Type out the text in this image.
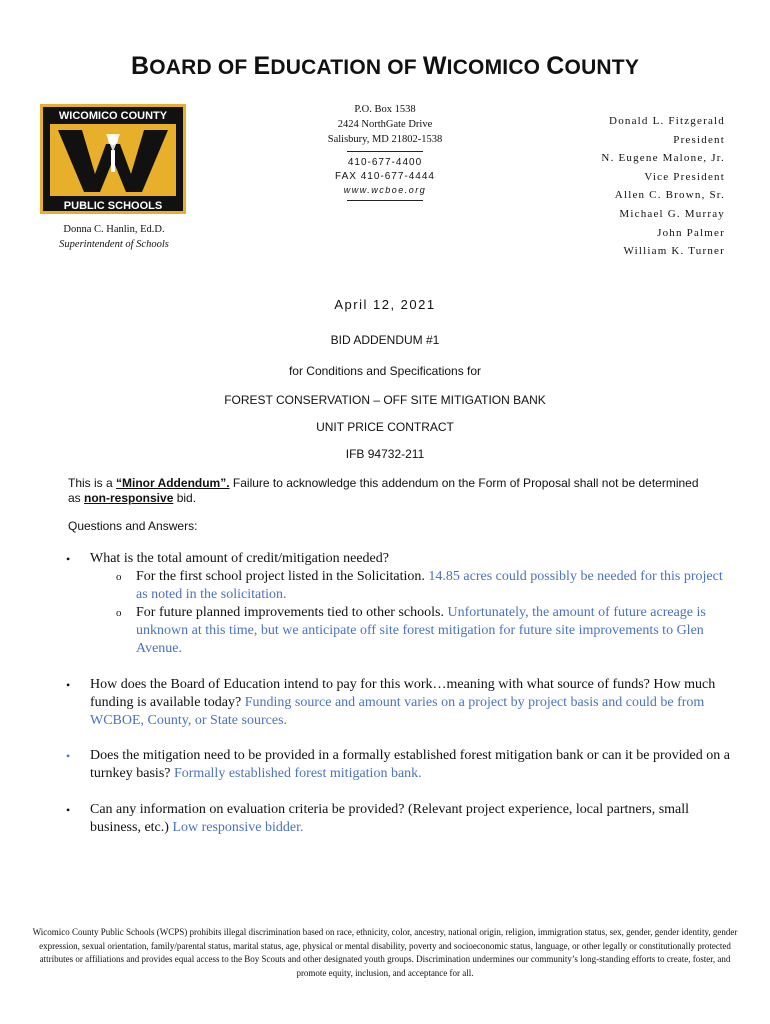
BOARD OF EDUCATION OF WICOMICO COUNTY
WICOMICO COUNTY
PUBLIC SCHOOLS
Donna C. Hanlin, Ed.D.
Superintendent of Schools
P.O. Box 1538
2424 NorthGate Drive
Salisbury, MD 21802-1538
410-677-4400
FAX 410-677-4444
www.wcboe.org
Donald L. Fitzgerald
President
N. Eugene Malone, Jr.
Vice President
Allen C. Brown, Sr.
Michael G. Murray
John Palmer
William K. Turner
April 12, 2021
BID ADDENDUM #1
for Conditions and Specifications for
FOREST CONSERVATION – OFF SITE MITIGATION BANK
UNIT PRICE CONTRACT
IFB 94732-211
This is a “Minor Addendum”. Failure to acknowledge this addendum on the Form of Proposal shall not be determined as non-responsive bid.
Questions and Answers:
• What is the total amount of credit/mitigation needed?
o For the first school project listed in the Solicitation. 14.85 acres could possibly be needed for this project as noted in the solicitation.
o For future planned improvements tied to other schools. Unfortunately, the amount of future acreage is unknown at this time, but we anticipate off site forest mitigation for future site improvements to Glen Avenue.
• How does the Board of Education intend to pay for this work…meaning with what source of funds? How much funding is available today? Funding source and amount varies on a project by project basis and could be from WCBOE, County, or State sources.
• Does the mitigation need to be provided in a formally established forest mitigation bank or can it be provided on a turnkey basis? Formally established forest mitigation bank.
• Can any information on evaluation criteria be provided? (Relevant project experience, local partners, small business, etc.) Low responsive bidder.
Wicomico County Public Schools (WCPS) prohibits illegal discrimination based on race, ethnicity, color, ancestry, national origin, religion, immigration status, sex, gender, gender identity, gender expression, sexual orientation, family/parental status, marital status, age, physical or mental disability, poverty and socioeconomic status, language, or other legally or constitutionally protected attributes or affiliations and provides equal access to the Boy Scouts and other designated youth groups. Discrimination undermines our community’s long-standing efforts to create, foster, and promote equity, inclusion, and acceptance for all.
